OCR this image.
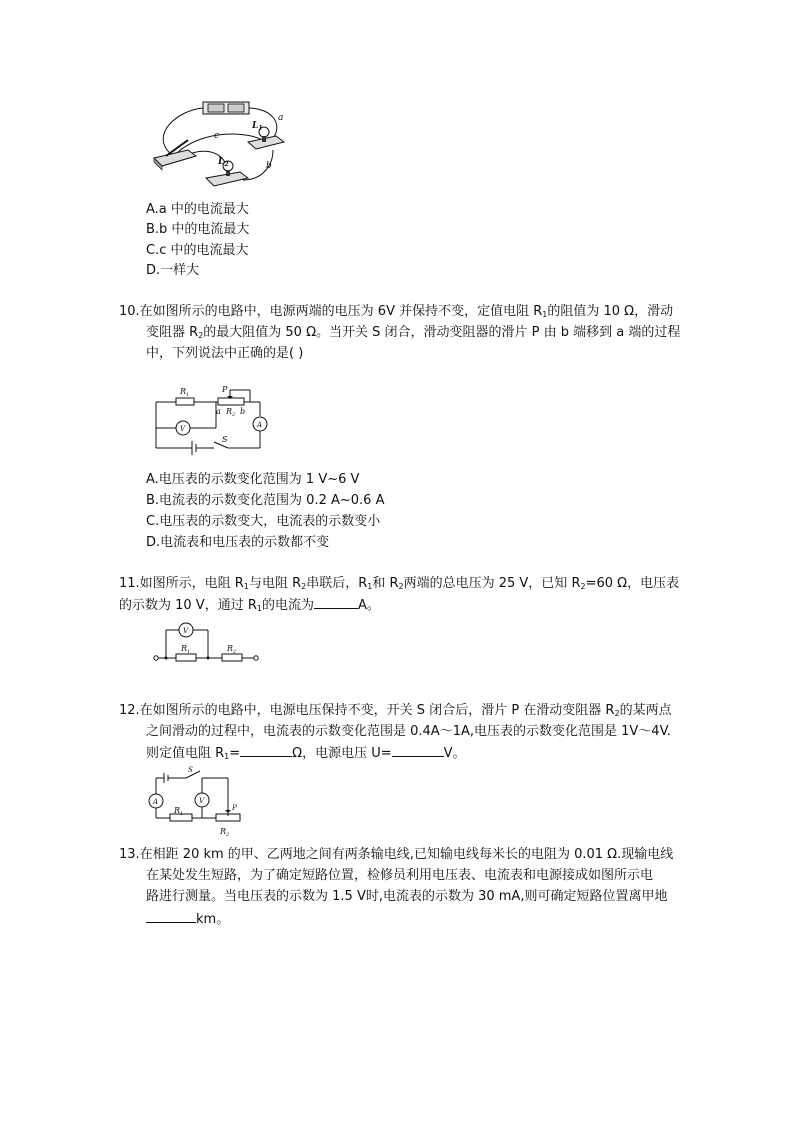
a
c
$L_1$
$L_2$	b
A.a 中的电流最大
B.b 中的电流最大
C.c 中的电流最大
D.一样大
10.在如图所示的电路中，电源两端的电压为 6V 并保持不变，定值电阻 $R_1$的阻值为 10 Ω，滑动
变阻器 $R_2$的最大阻值为 50 Ω。当开关 S 闭合，滑动变阻器的滑片 P 由 b 端移到 a 端的过程
中，下列说法中正确的是( )
$R_1$
P
a $R_2$ b
V	A
S
A.电压表的示数变化范围为 1 V~6 V
B.电流表的示数变化范围为 0.2 A~0.6 A
C.电压表的示数变大，电流表的示数变小
D.电流表和电压表的示数都不变
11.如图所示，电阻 $R_1$与电阻 $R_2$串联后，$R_1$和 $R_2$两端的总电压为 25 V，已知 $R_2=60$ Ω，电压表
的示数为 10 V，通过 $R_1$的电流为	A。
V
$R_1$	$R_2$
12.在如图所示的电路中，电源电压保持不变，开关 S 闭合后，滑片 P 在滑动变阻器 $R_2$的某两点
之间滑动的过程中，电流表的示数变化范围是 0.4A～1A,电压表的示数变化范围是 1V～4V.
则定值电阻 $R_1=$	Ω，电源电压 U=	V。
S
A	V
P
$R_1$
$R_2$
13.在相距 20 km 的甲、乙两地之间有两条输电线,已知输电线每米长的电阻为 0.01 Ω.现输电线
在某处发生短路，为了确定短路位置，检修员利用电压表、电流表和电源接成如图所示电
路进行测量。当电压表的示数为 1.5 V时,电流表的示数为 30 mA,则可确定短路位置离甲地
km。
